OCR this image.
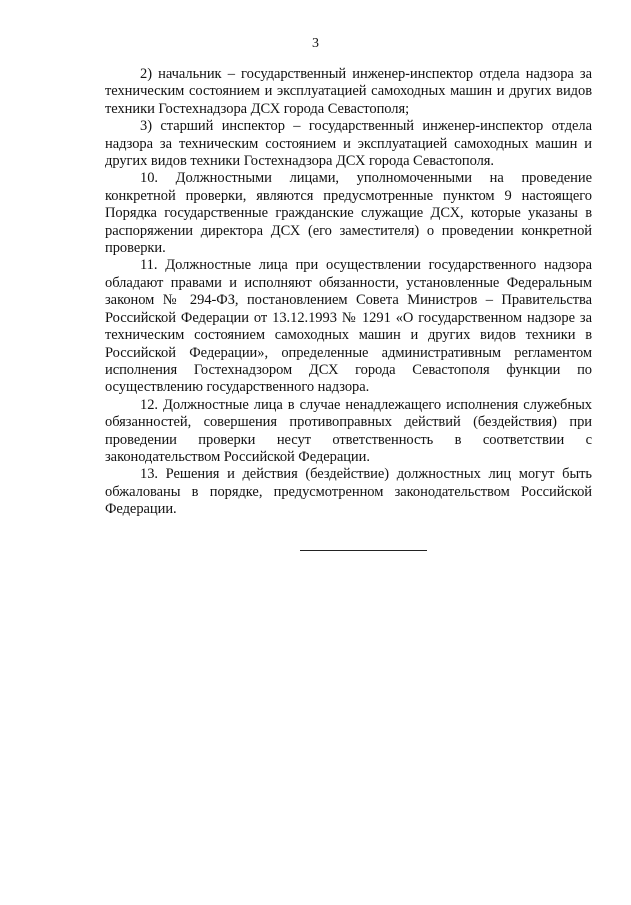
3

2) начальник – государственный инженер-инспектор отдела надзора за техническим состоянием и эксплуатацией самоходных машин и других видов техники Гостехнадзора ДСХ города Севастополя;

3) старший инспектор – государственный инженер-инспектор отдела надзора за техническим состоянием и эксплуатацией самоходных машин и других видов техники Гостехнадзора ДСХ города Севастополя.

10. Должностными лицами, уполномоченными на проведение конкретной проверки, являются предусмотренные пунктом 9 настоящего Порядка государственные гражданские служащие ДСХ, которые указаны в распоряжении директора ДСХ (его заместителя) о проведении конкретной проверки.

11. Должностные лица при осуществлении государственного надзора обладают правами и исполняют обязанности, установленные Федеральным законом № 294-ФЗ, постановлением Совета Министров – Правительства Российской Федерации от 13.12.1993 № 1291 «О государственном надзоре за техническим состоянием самоходных машин и других видов техники в Российской Федерации», определенные административным регламентом исполнения Гостехнадзором ДСХ города Севастополя функции по осуществлению государственного надзора.

12. Должностные лица в случае ненадлежащего исполнения служебных обязанностей, совершения противоправных действий (бездействия) при проведении проверки несут ответственность в соответствии с законодательством Российской Федерации.

13. Решения и действия (бездействие) должностных лиц могут быть обжалованы в порядке, предусмотренном законодательством Российской Федерации.
